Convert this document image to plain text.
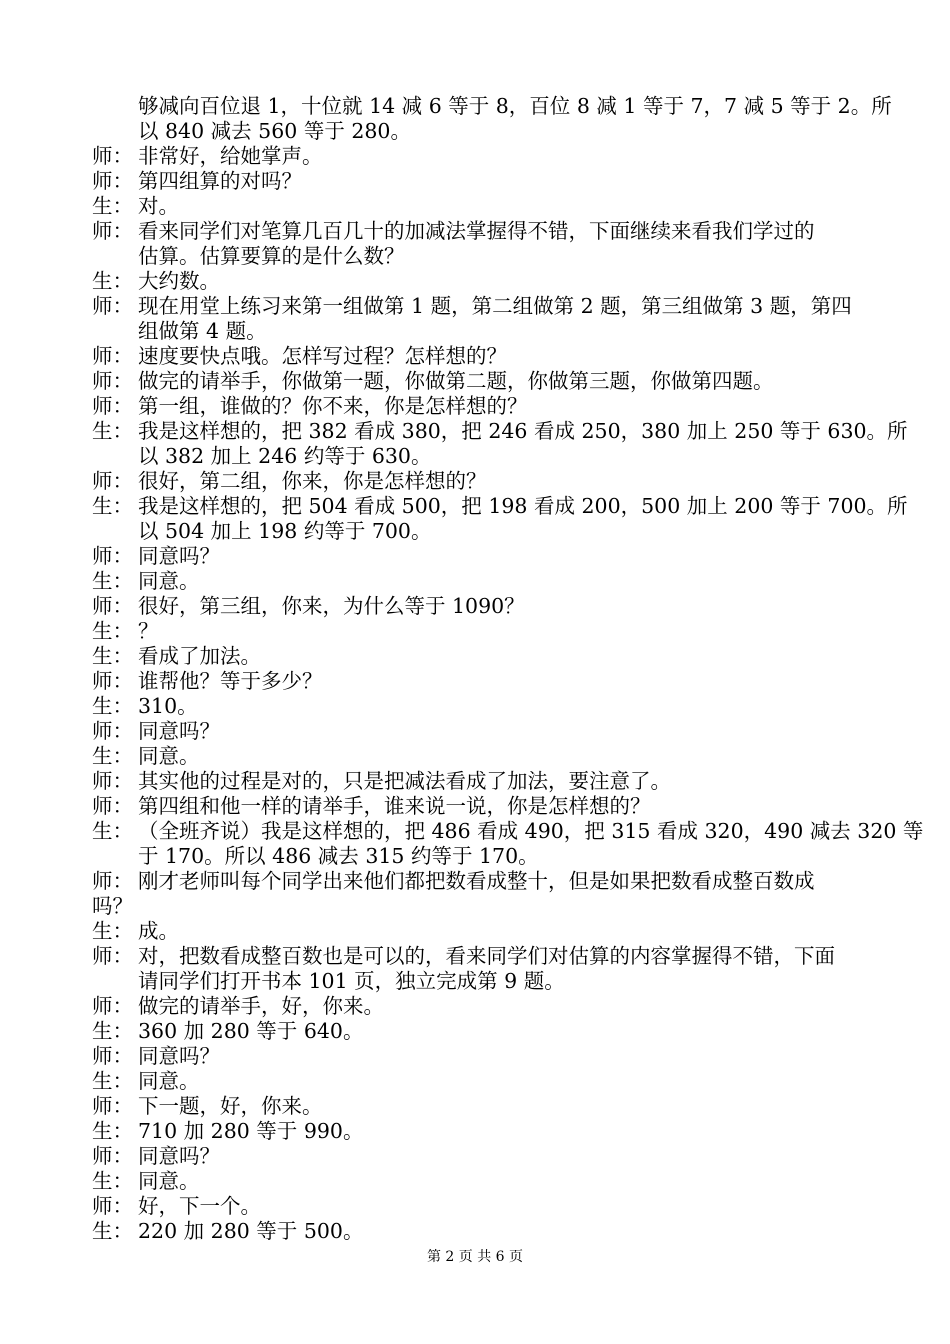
够减向百位退 1，十位就 14 减 6 等于 8，百位 8 减 1 等于 7，7 减 5 等于 2。所
以 840 减去 560 等于 280。
师： 非常好，给她掌声。
师： 第四组算的对吗？
生： 对。
师： 看来同学们对笔算几百几十的加减法掌握得不错，下面继续来看我们学过的
估算。估算要算的是什么数？
生： 大约数。
师： 现在用堂上练习来第一组做第 1 题，第二组做第 2 题，第三组做第 3 题，第四
组做第 4 题。
师： 速度要快点哦。怎样写过程？怎样想的？
师： 做完的请举手，你做第一题，你做第二题，你做第三题，你做第四题。
师： 第一组，谁做的？你不来，你是怎样想的？
生： 我是这样想的，把 382 看成 380，把 246 看成 250，380 加上 250 等于 630。所
以 382 加上 246 约等于 630。
师： 很好，第二组，你来，你是怎样想的？
生： 我是这样想的，把 504 看成 500，把 198 看成 200，500 加上 200 等于 700。所
以 504 加上 198 约等于 700。
师： 同意吗？
生： 同意。
师： 很好，第三组，你来，为什么等于 1090？
生： ？
生： 看成了加法。
师： 谁帮他？等于多少？
生： 310。
师： 同意吗？
生： 同意。
师： 其实他的过程是对的，只是把减法看成了加法，要注意了。
师： 第四组和他一样的请举手，谁来说一说，你是怎样想的？
生： （全班齐说）我是这样想的，把 486 看成 490，把 315 看成 320，490 减去 320 等
于 170。所以 486 减去 315 约等于 170。
师： 刚才老师叫每个同学出来他们都把数看成整十，但是如果把数看成整百数成
吗？
生： 成。
师： 对，把数看成整百数也是可以的，看来同学们对估算的内容掌握得不错，下面
请同学们打开书本 101 页，独立完成第 9 题。
师： 做完的请举手，好，你来。
生： 360 加 280 等于 640。
师： 同意吗？
生： 同意。
师： 下一题，好，你来。
生： 710 加 280 等于 990。
师： 同意吗？
生： 同意。
师： 好，下一个。
生： 220 加 280 等于 500。
第 2 页 共 6 页
